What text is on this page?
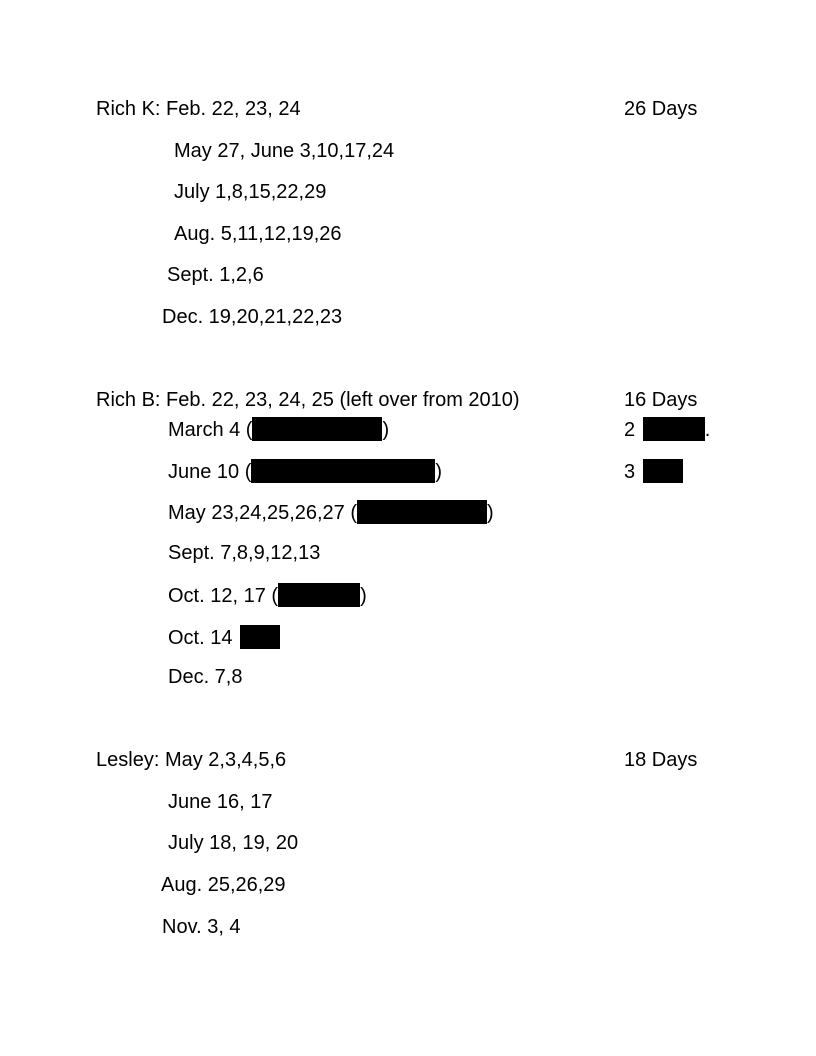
Rich K: Feb. 22, 23, 24	26 Days
May 27, June 3,10,17,24
July 1,8,15,22,29
Aug. 5,11,12,19,26
Sept. 1,2,6
Dec. 19,20,21,22,23
Rich B: Feb. 22, 23, 24, 25 (left over from 2010)	16 Days
March 4 (	)	2	.
June 10 (	)	3
May 23,24,25,26,27 (	)
Sept. 7,8,9,12,13
Oct. 12, 17 (	)
Oct. 14
Dec. 7,8
Lesley: May 2,3,4,5,6	18 Days
June 16, 17
July 18, 19, 20
Aug. 25,26,29
Nov. 3, 4
